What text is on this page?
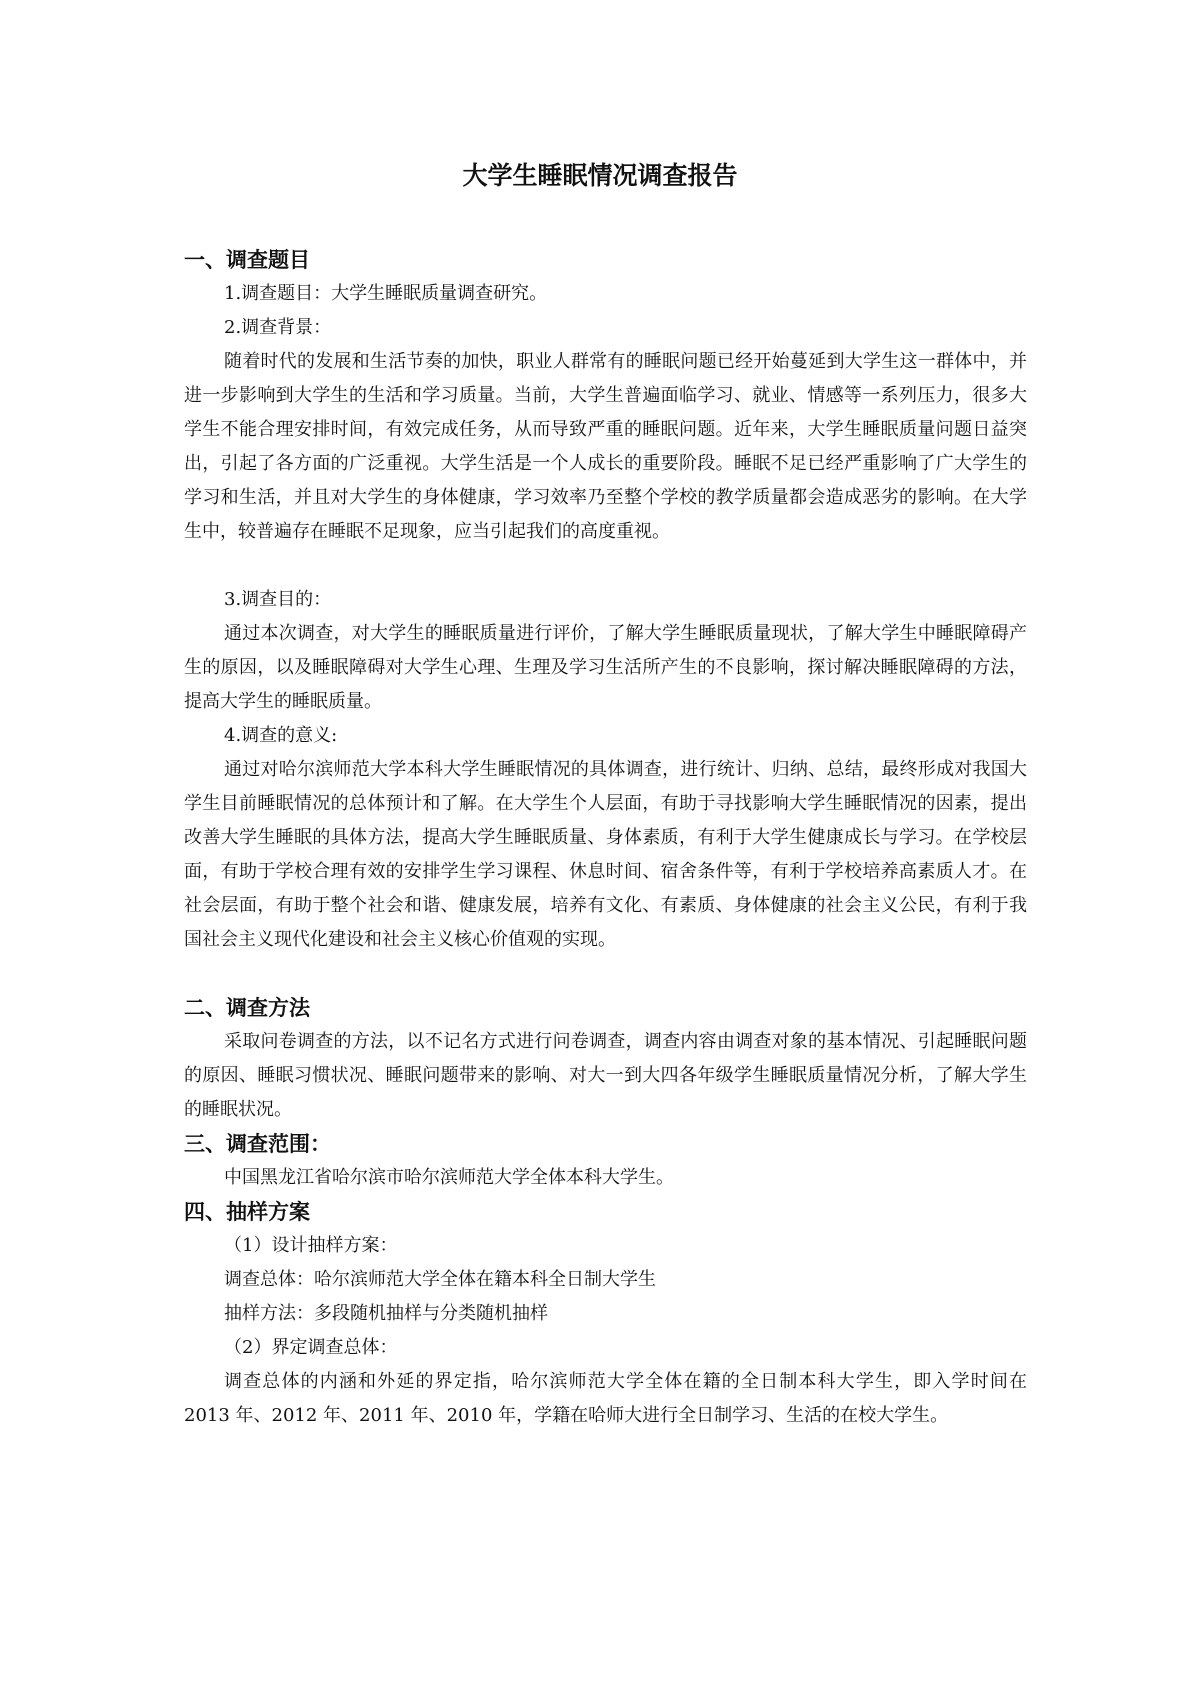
大学生睡眠情况调查报告
一、调查题目

1.调查题目：大学生睡眠质量调查研究。

2.调查背景：

随着时代的发展和生活节奏的加快，职业人群常有的睡眠问题已经开始蔓延到大学生这一群体中，并进一步影响到大学生的生活和学习质量。当前，大学生普遍面临学习、就业、情感等一系列压力，很多大学生不能合理安排时间，有效完成任务，从而导致严重的睡眠问题。近年来，大学生睡眠质量问题日益突出，引起了各方面的广泛重视。大学生活是一个人成长的重要阶段。睡眠不足已经严重影响了广大学生的学习和生活，并且对大学生的身体健康，学习效率乃至整个学校的教学质量都会造成恶劣的影响。在大学生中，较普遍存在睡眠不足现象，应当引起我们的高度重视。

3.调查目的：

通过本次调查，对大学生的睡眠质量进行评价，了解大学生睡眠质量现状，了解大学生中睡眠障碍产生的原因，以及睡眠障碍对大学生心理、生理及学习生活所产生的不良影响，探讨解决睡眠障碍的方法，提高大学生的睡眠质量。

4.调查的意义:

通过对哈尔滨师范大学本科大学生睡眠情况的具体调查，进行统计、归纳、总结，最终形成对我国大学生目前睡眠情况的总体预计和了解。在大学生个人层面，有助于寻找影响大学生睡眠情况的因素，提出改善大学生睡眠的具体方法，提高大学生睡眠质量、身体素质，有利于大学生健康成长与学习。在学校层面，有助于学校合理有效的安排学生学习课程、休息时间、宿舍条件等，有利于学校培养高素质人才。在社会层面，有助于整个社会和谐、健康发展，培养有文化、有素质、身体健康的社会主义公民，有利于我国社会主义现代化建设和社会主义核心价值观的实现。

二、调查方法

采取问卷调查的方法，以不记名方式进行问卷调查，调查内容由调查对象的基本情况、引起睡眠问题的原因、睡眠习惯状况、睡眠问题带来的影响、对大一到大四各年级学生睡眠质量情况分析，了解大学生的睡眠状况。

三、调查范围：

中国黑龙江省哈尔滨市哈尔滨师范大学全体本科大学生。

四、抽样方案

（1）设计抽样方案：

调查总体：哈尔滨师范大学全体在籍本科全日制大学生

抽样方法：多段随机抽样与分类随机抽样

（2）界定调查总体：

调查总体的内涵和外延的界定指，哈尔滨师范大学全体在籍的全日制本科大学生，即入学时间在 2013 年、2012 年、2011 年、2010 年，学籍在哈师大进行全日制学习、生活的在校大学生。
